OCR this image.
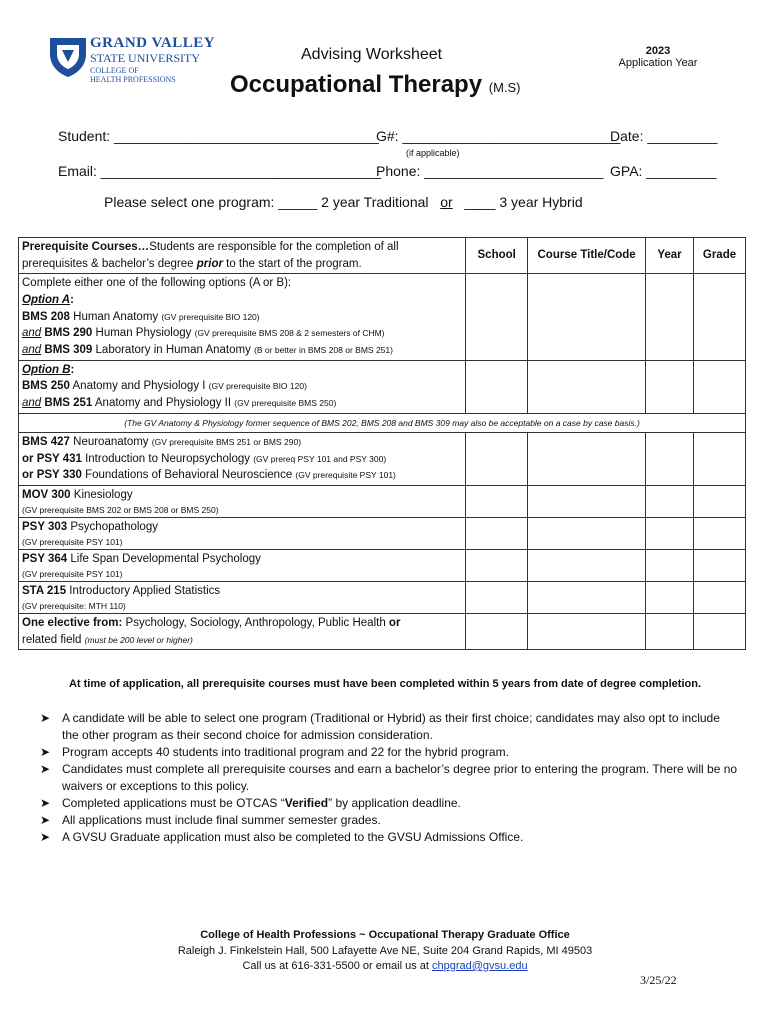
GRAND VALLEY
STATE UNIVERSITY
COLLEGE OF
HEALTH PROFESSIONS
Advising Worksheet
Occupational Therapy (M.S)
2023
Application Year
Student: __________________________________
G#: ____________________________
(if applicable)
Date: _________
Email: ____________________________________
Phone: _______________________ GPA: _________
Please select one program: _____ 2 year Traditional or ____ 3 year Hybrid
Prerequisite Courses…Students are responsible for the completion of all prerequisites & bachelor’s degree prior to the start of the program.	School	Course Title/Code	Year	Grade

Complete either one of the following options (A or B):
Option A:
BMS 208 Human Anatomy (GV prerequisite BIO 120)
and BMS 290 Human Physiology (GV prerequisite BMS 208 & 2 semesters of CHM)
and BMS 309 Laboratory in Human Anatomy (B or better in BMS 208 or BMS 251)				

Option B:
BMS 250 Anatomy and Physiology I (GV prerequisite BIO 120)
and BMS 251 Anatomy and Physiology II (GV prerequisite BMS 250)				

(The GV Anatomy & Physiology former sequence of BMS 202, BMS 208 and BMS 309 may also be acceptable on a case by case basis.)				

BMS 427 Neuroanatomy (GV prerequisite BMS 251 or BMS 290)
or PSY 431 Introduction to Neuropsychology (GV prereq PSY 101 and PSY 300)
or PSY 330 Foundations of Behavioral Neuroscience (GV prerequisite PSY 101)				

MOV 300 Kinesiology
(GV prerequisite BMS 202 or BMS 208 or BMS 250)				

PSY 303 Psychopathology
(GV prerequisite PSY 101)				

PSY 364 Life Span Developmental Psychology
(GV prerequisite PSY 101)				

STA 215 Introductory Applied Statistics
(GV prerequisite: MTH 110)				

One elective from: Psychology, Sociology, Anthropology, Public Health or
related field (must be 200 level or higher)				

At time of application, all prerequisite courses must have been completed within 5 years from date of degree completion.
➤ A candidate will be able to select one program (Traditional or Hybrid) as their first choice; candidates may also opt to include the other program as their second choice for admission consideration.
➤ Program accepts 40 students into traditional program and 22 for the hybrid program.
➤ Candidates must complete all prerequisite courses and earn a bachelor’s degree prior to entering the program. There will be no waivers or exceptions to this policy.
➤ Completed applications must be OTCAS “Verified” by application deadline.
➤ All applications must include final summer semester grades.
➤ A GVSU Graduate application must also be completed to the GVSU Admissions Office.
College of Health Professions ~ Occupational Therapy Graduate Office
Raleigh J. Finkelstein Hall, 500 Lafayette Ave NE, Suite 204 Grand Rapids, MI 49503
Call us at 616-331-5500 or email us at chpgrad@gvsu.edu
3/25/22
